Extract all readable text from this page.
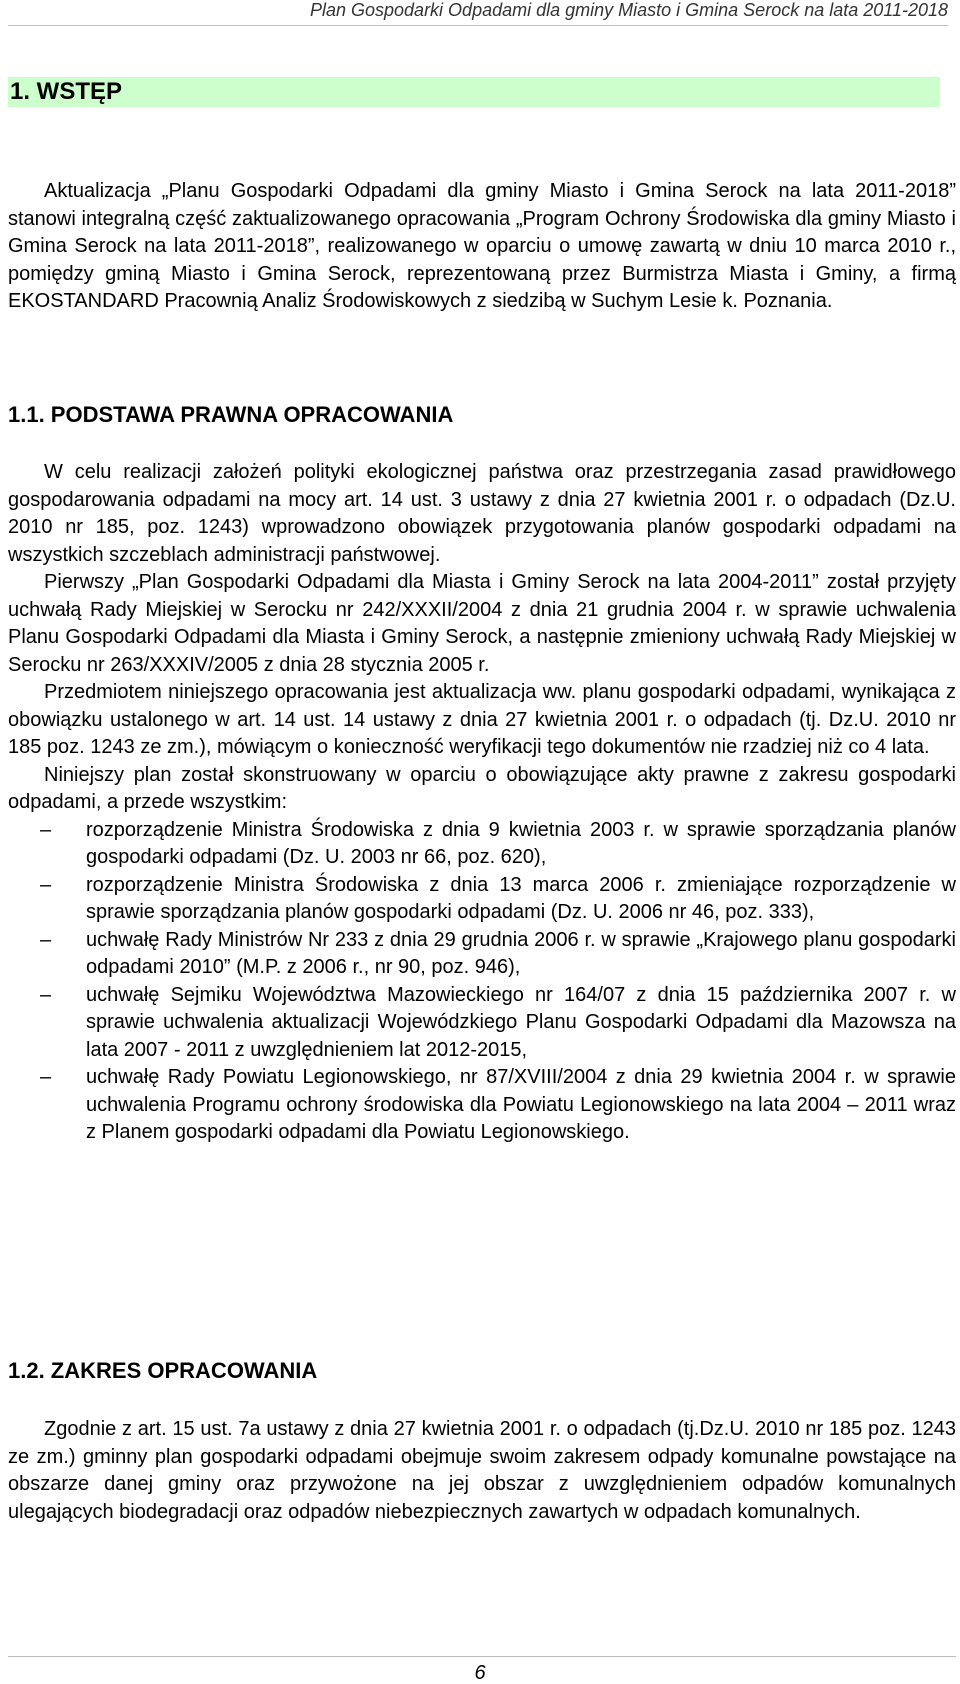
Plan Gospodarki Odpadami dla gminy Miasto i Gmina Serock na lata 2011-2018
1. WSTĘP

Aktualizacja „Planu Gospodarki Odpadami dla gminy Miasto i Gmina Serock na lata 2011-2018” stanowi integralną część zaktualizowanego opracowania „Program Ochrony Środowiska dla gminy Miasto i Gmina Serock na lata 2011-2018”, realizowanego w oparciu o umowę zawartą w dniu 10 marca 2010 r., pomiędzy gminą Miasto i Gmina Serock, reprezentowaną przez Burmistrza Miasta i Gminy, a firmą EKOSTANDARD Pracownią Analiz Środowiskowych z siedzibą w Suchym Lesie k. Poznania.

1.1. PODSTAWA PRAWNA OPRACOWANIA

W celu realizacji założeń polityki ekologicznej państwa oraz przestrzegania zasad prawidłowego gospodarowania odpadami na mocy art. 14 ust. 3 ustawy z dnia 27 kwietnia 2001 r. o odpadach (Dz.U. 2010 nr 185, poz. 1243) wprowadzono obowiązek przygotowania planów gospodarki odpadami na wszystkich szczeblach administracji państwowej.

Pierwszy „Plan Gospodarki Odpadami dla Miasta i Gminy Serock na lata 2004-2011” został przyjęty uchwałą Rady Miejskiej w Serocku nr 242/XXXII/2004 z dnia 21 grudnia 2004 r. w sprawie uchwalenia Planu Gospodarki Odpadami dla Miasta i Gminy Serock, a następnie zmieniony uchwałą Rady Miejskiej w Serocku nr 263/XXXIV/2005 z dnia 28 stycznia 2005 r.

Przedmiotem niniejszego opracowania jest aktualizacja ww. planu gospodarki odpadami, wynikająca z obowiązku ustalonego w art. 14 ust. 14 ustawy z dnia 27 kwietnia 2001 r. o odpadach (tj. Dz.U. 2010 nr 185 poz. 1243 ze zm.), mówiącym o konieczność weryfikacji tego dokumentów nie rzadziej niż co 4 lata.

Niniejszy plan został skonstruowany w oparciu o obowiązujące akty prawne z zakresu gospodarki odpadami, a przede wszystkim:

– rozporządzenie Ministra Środowiska z dnia 9 kwietnia 2003 r. w sprawie sporządzania planów gospodarki odpadami (Dz. U. 2003 nr 66, poz. 620),
– rozporządzenie Ministra Środowiska z dnia 13 marca 2006 r. zmieniające rozporządzenie w sprawie sporządzania planów gospodarki odpadami (Dz. U. 2006 nr 46, poz. 333),
– uchwałę Rady Ministrów Nr 233 z dnia 29 grudnia 2006 r. w sprawie „Krajowego planu gospodarki odpadami 2010” (M.P. z 2006 r., nr 90, poz. 946),
– uchwałę Sejmiku Województwa Mazowieckiego nr 164/07 z dnia 15 października 2007 r. w sprawie uchwalenia aktualizacji Wojewódzkiego Planu Gospodarki Odpadami dla Mazowsza na lata 2007 - 2011 z uwzględnieniem lat 2012-2015,
– uchwałę Rady Powiatu Legionowskiego, nr 87/XVIII/2004 z dnia 29 kwietnia 2004 r. w sprawie uchwalenia Programu ochrony środowiska dla Powiatu Legionowskiego na lata 2004 – 2011 wraz z Planem gospodarki odpadami dla Powiatu Legionowskiego.
1.2. ZAKRES OPRACOWANIA

Zgodnie z art. 15 ust. 7a ustawy z dnia 27 kwietnia 2001 r. o odpadach (tj.Dz.U. 2010 nr 185 poz. 1243 ze zm.) gminny plan gospodarki odpadami obejmuje swoim zakresem odpady komunalne powstające na obszarze danej gminy oraz przywożone na jej obszar z uwzględnieniem odpadów komunalnych ulegających biodegradacji oraz odpadów niebezpiecznych zawartych w odpadach komunalnych.

6
